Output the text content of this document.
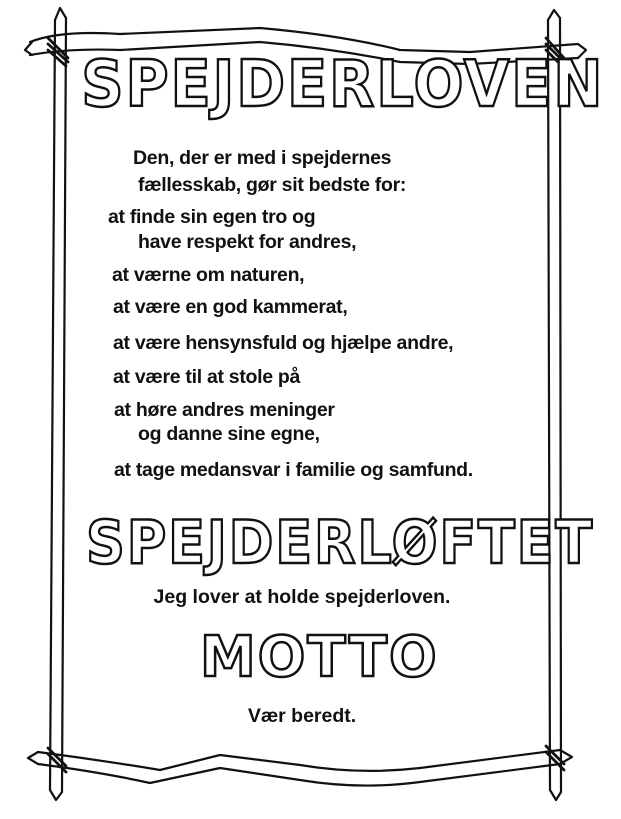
SPEJDERLOVEN
Den, der er med i spejdernes
fællesskab, gør sit bedste for:
at finde sin egen tro og
have respekt for andres,
at værne om naturen,
at være en god kammerat,
at være hensynsfuld og hjælpe andre,
at være til at stole på
at høre andres meninger
og danne sine egne,
at tage medansvar i familie og samfund.
SPEJDERLØFTET
Jeg lover at holde spejderloven.
MOTTO
Vær beredt.
